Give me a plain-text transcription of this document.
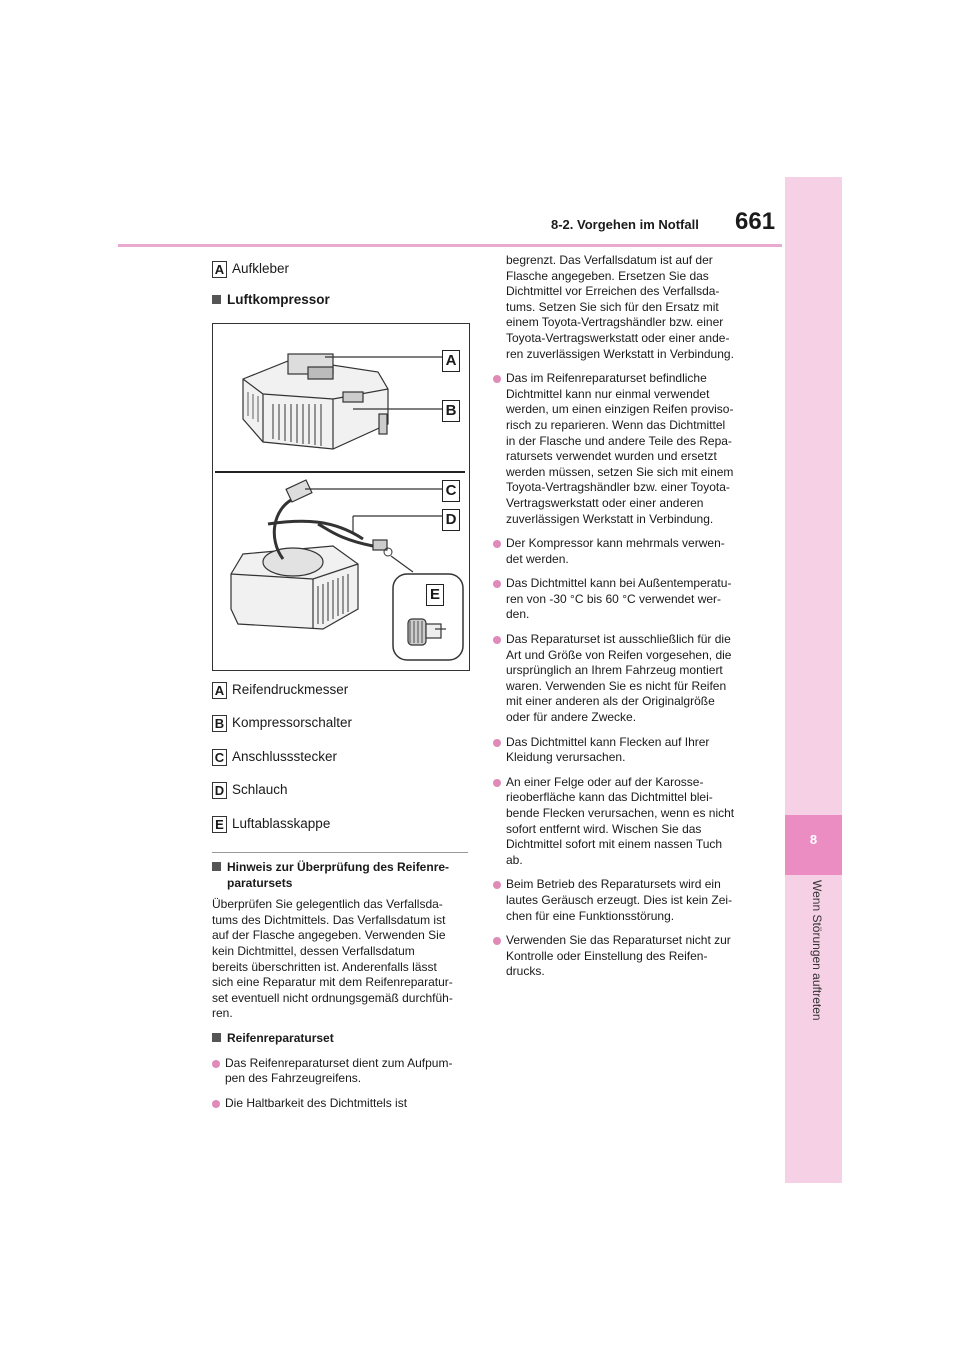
8
Wenn Störungen auftreten
8-2. Vorgehen im Notfall 661
A Aufkleber
Luftkompressor
A
B
C
D
E
A Reifendruckmesser
B Kompressorschalter
C Anschlussstecker
D Schlauch
E Luftablasskappe
Hinweis zur Überprüfung des Reifenre-
paratursets
Überprüfen Sie gelegentlich das Verfallsda-
tums des Dichtmittels. Das Verfallsdatum ist
auf der Flasche angegeben. Verwenden Sie
kein Dichtmittel, dessen Verfallsdatum
bereits überschritten ist. Anderenfalls lässt
sich eine Reparatur mit dem Reifenreparatur-
set eventuell nicht ordnungsgemäß durchfüh-
ren.
Reifenreparaturset
Das Reifenreparaturset dient zum Aufpum-
pen des Fahrzeugreifens.
Die Haltbarkeit des Dichtmittels ist
begrenzt. Das Verfallsdatum ist auf der
Flasche angegeben. Ersetzen Sie das
Dichtmittel vor Erreichen des Verfallsda-
tums. Setzen Sie sich für den Ersatz mit
einem Toyota-Vertragshändler bzw. einer
Toyota-Vertragswerkstatt oder einer ande-
ren zuverlässigen Werkstatt in Verbindung.
Das im Reifenreparaturset befindliche
Dichtmittel kann nur einmal verwendet
werden, um einen einzigen Reifen proviso-
risch zu reparieren. Wenn das Dichtmittel
in der Flasche und andere Teile des Repa-
ratursets verwendet wurden und ersetzt
werden müssen, setzen Sie sich mit einem
Toyota-Vertragshändler bzw. einer Toyota-
Vertragswerkstatt oder einer anderen
zuverlässigen Werkstatt in Verbindung.
Der Kompressor kann mehrmals verwen-
det werden.
Das Dichtmittel kann bei Außentemperatu-
ren von -30 °C bis 60 °C verwendet wer-
den.
Das Reparaturset ist ausschließlich für die
Art und Größe von Reifen vorgesehen, die
ursprünglich an Ihrem Fahrzeug montiert
waren. Verwenden Sie es nicht für Reifen
mit einer anderen als der Originalgröße
oder für andere Zwecke.
Das Dichtmittel kann Flecken auf Ihrer
Kleidung verursachen.
An einer Felge oder auf der Karosse-
rieoberfläche kann das Dichtmittel blei-
bende Flecken verursachen, wenn es nicht
sofort entfernt wird. Wischen Sie das
Dichtmittel sofort mit einem nassen Tuch
ab.
Beim Betrieb des Reparatursets wird ein
lautes Geräusch erzeugt. Dies ist kein Zei-
chen für eine Funktionsstörung.
Verwenden Sie das Reparaturset nicht zur
Kontrolle oder Einstellung des Reifen-
drucks.
